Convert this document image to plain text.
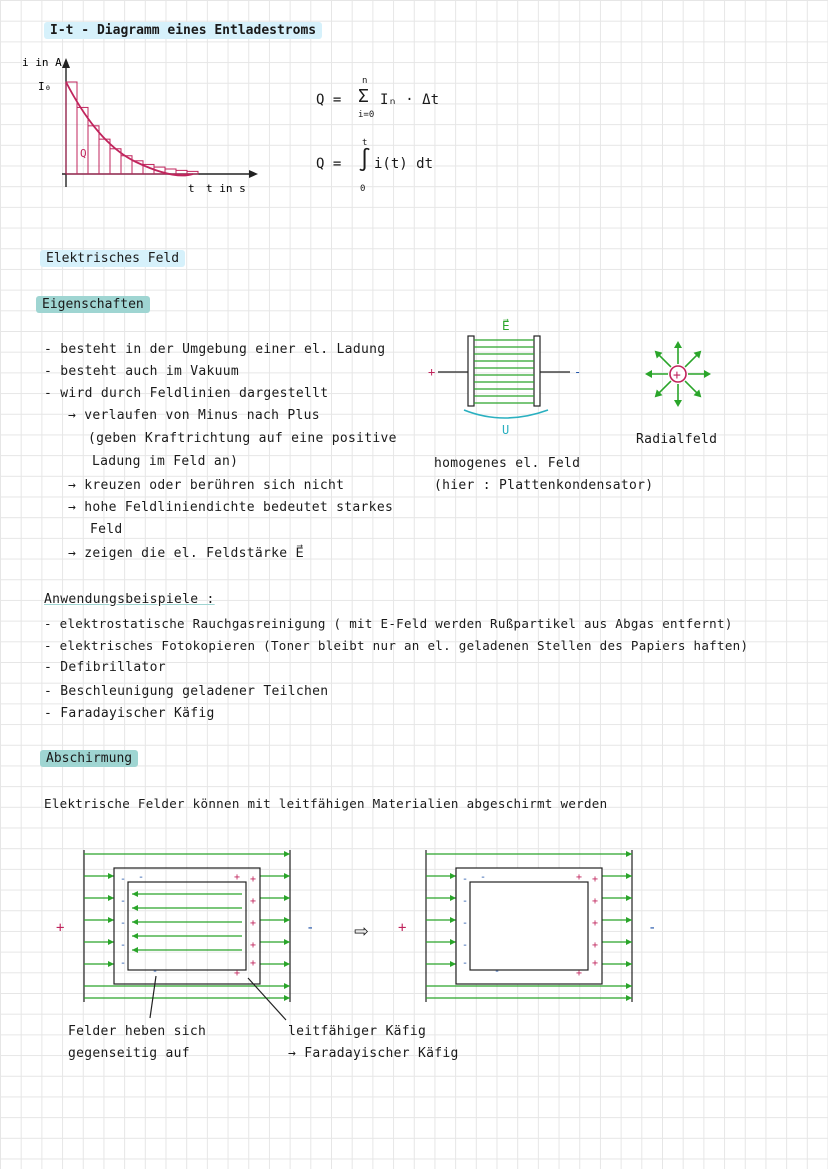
I-t - Diagramm eines Entladestroms
i in A
I₀
Q
t t in s
Q =
n
Σ
i=0
Iₙ · Δt
Q =
t
∫
0
i(t) dt
Elektrisches Feld
Eigenschaften
- besteht in der Umgebung einer el. Ladung
- besteht auch im Vakuum
- wird durch Feldlinien dargestellt
→ verlaufen von Minus nach Plus
(geben Kraftrichtung auf eine positive
Ladung im Feld an)
→ kreuzen oder berühren sich nicht
→ hohe Feldliniendichte bedeutet starkes
Feld
→ zeigen die el. Feldstärke E⃗
E⃗
+	-
U
homogenes el. Feld
(hier : Plattenkondensator)
+
Radialfeld
Anwendungsbeispiele :
- elektrostatische Rauchgasreinigung ( mit E-Feld werden Rußpartikel aus Abgas entfernt)
- elektrisches Fotokopieren (Toner bleibt nur an el. geladenen Stellen des Papiers haften)
- Defibrillator
- Beschleunigung geladener Teilchen
- Faradayischer Käfig
Abschirmung
Elektrische Felder können mit leitfähigen Materialien abgeschirmt werden
+	-
-
-
-
-
-
-
-
+
+
+
+
+
+
+
Felder heben sich
gegenseitig auf
leitfähiger Käfig
→ Faradayischer Käfig
⇨ +	-
-
-
-
-
-
-
-
+
+
+
+
+
+
+
